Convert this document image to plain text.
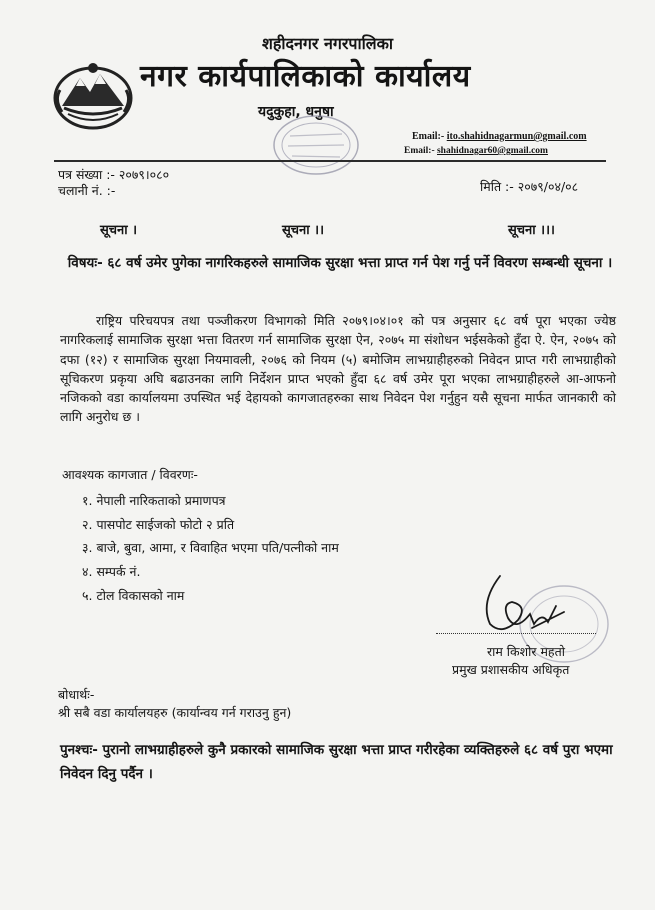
शहीदनगर नगरपालिका
नगर कार्यपालिकाको कार्यालय
यदुकुहा, धनुषा
Email:- ito.shahidnagarmun@gmail.com
Email:- shahidnagar60@gmail.com
पत्र संख्या :- २०७९।०८०
चलानी नं. :-	मिति :- २०७९/०४/०८
सूचना ।	सूचना ।।	सूचना ।।।
विषयः- ६८ वर्ष उमेर पुगेका नागरिकहरुले सामाजिक सुरक्षा भत्ता प्राप्त गर्न पेश गर्नु पर्ने विवरण सम्बन्धी सूचना ।
राष्ट्रिय परिचयपत्र तथा पञ्जीकरण विभागको मिति २०७९।०४।०१ को पत्र अनुसार ६८ वर्ष पूरा भएका ज्येष्ठ नागरिकलाई सामाजिक सुरक्षा भत्ता वितरण गर्न सामाजिक सुरक्षा ऐन, २०७५ मा संशोधन भईसकेको हुँदा ऐ. ऐन, २०७५ को दफा (१२) र सामाजिक सुरक्षा नियमावली, २०७६ को नियम (५) बमोजिम लाभग्राहीहरुको निवेदन प्राप्त गरी लाभग्राहीको सूचिकरण प्रकृया अघि बढाउनका लागि निर्देशन प्राप्त भएको हुँदा ६८ वर्ष उमेर पूरा भएका लाभग्राहीहरुले आ-आफनो नजिकको वडा कार्यालयमा उपस्थित भई देहायको कागजातहरुका साथ निवेदन पेश गर्नुहुन यसै सूचना मार्फत जानकारी को लागि अनुरोध छ ।
आवश्यक कागजात / विवरणः-
१. नेपाली नारिकताको प्रमाणपत्र
२. पासपोट साईजको फोटो २ प्रति
३. बाजे, बुवा, आमा, र विवाहित भएमा पति/पत्नीको नाम
४. सम्पर्क नं.
५. टोल विकासको नाम
राम किशोर महतो
प्रमुख प्रशासकीय अधिकृत
बोधार्थः-
श्री सबै वडा कार्यालयहरु (कार्यान्वय गर्न गराउनु हुन)
पुनश्चः- पुरानो लाभग्राहीहरुले कुनै प्रकारको सामाजिक सुरक्षा भत्ता प्राप्त गरीरहेका व्यक्तिहरुले ६८ वर्ष पुरा भएमा निवेदन दिनु पर्दैन ।
